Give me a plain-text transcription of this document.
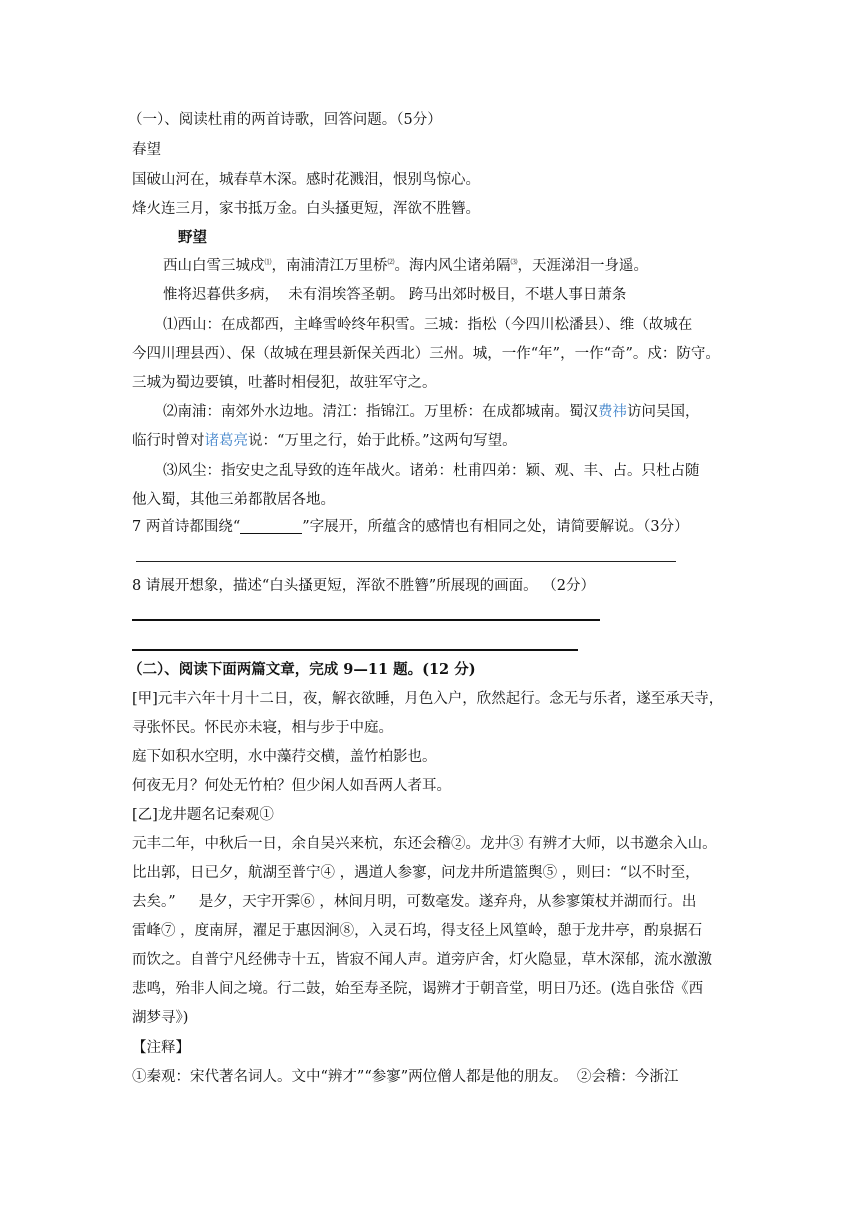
（一）、阅读杜甫的两首诗歌，回答问题。（5分）
春望
国破山河在，城春草木深。感时花溅泪，恨别鸟惊心。
烽火连三月，家书抵万金。白头搔更短，浑欲不胜簪。
野望
西山白雪三城戍⑴，南浦清江万里桥⑵。海内风尘诸弟隔⑶，天涯涕泪一身遥。
惟将迟暮供多病，  未有涓埃答圣朝。 跨马出郊时极目，不堪人事日萧条
⑴西山：在成都西，主峰雪岭终年积雪。三城：指松（今四川松潘县）、维（故城在
今四川理县西）、保（故城在理县新保关西北）三州。城，一作“年”，一作“奇”。戍：防守。
三城为蜀边要镇，吐蕃时相侵犯，故驻军守之。
⑵南浦：南郊外水边地。清江：指锦江。万里桥：在成都城南。蜀汉费祎访问吴国，
临行时曾对诸葛亮说：“万里之行，始于此桥。”这两句写望。
⑶风尘：指安史之乱导致的连年战火。诸弟：杜甫四弟：颖、观、丰、占。只杜占随
他入蜀，其他三弟都散居各地。
7 两首诗都围绕“	”字展开，所蕴含的感情也有相同之处，请简要解说。（3分）
8 请展开想象，描述“白头搔更短，浑欲不胜簪”所展现的画面。 （2分）
（二）、阅读下面两篇文章，完成 9—11 题。(12 分)
[甲]元丰六年十月十二日，夜，解衣欲睡，月色入户，欣然起行。念无与乐者，遂至承天寺，
寻张怀民。怀民亦未寝，相与步于中庭。
庭下如积水空明，水中藻荇交横，盖竹柏影也。
何夜无月？何处无竹柏？但少闲人如吾两人者耳。
[乙]龙井题名记秦观①
元丰二年，中秋后一日，余自吴兴来杭，东还会稽②。龙井③ 有辨才大师，以书邀余入山。
比出郭，日已夕，航湖至普宁④ ，遇道人参寥，问龙井所遣篮舆⑤ ，则曰：“以不时至，
去矣。”     是夕，天宇开霁⑥ ，林间月明，可数毫发。遂弃舟，从参寥策杖并湖而行。出
雷峰⑦ ，度南屏，濯足于惠因涧⑧，入灵石坞，得支径上风篁岭，憩于龙井亭，酌泉据石
而饮之。自普宁凡经佛寺十五，皆寂不闻人声。道旁庐舍，灯火隐显，草木深郁，流水激激
悲鸣，殆非人间之境。行二鼓，始至寿圣院，谒辨才于朝音堂，明日乃还。(选自张岱《西
湖梦寻》)
【注释】
①秦观：宋代著名词人。文中“辨才”“参寥”两位僧人都是他的朋友。  ②会稽：今浙江
